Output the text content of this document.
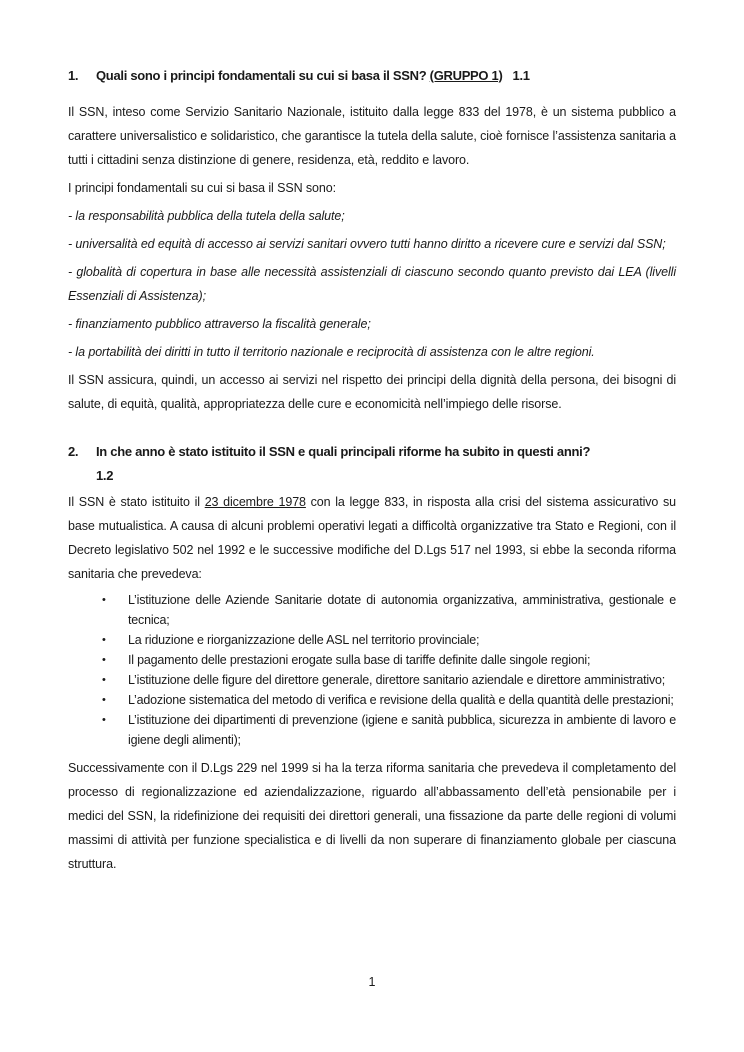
1.	Quali sono i principi fondamentali su cui si basa il SSN? (GRUPPO 1) 1.1

Il SSN, inteso come Servizio Sanitario Nazionale, istituito dalla legge 833 del 1978, è un sistema pubblico a carattere universalistico e solidaristico, che garantisce la tutela della salute, cioè fornisce l’assistenza sanitaria a tutti i cittadini senza distinzione di genere, residenza, età, reddito e lavoro.

I principi fondamentali su cui si basa il SSN sono:

- la responsabilità pubblica della tutela della salute;

- universalità ed equità di accesso ai servizi sanitari ovvero tutti hanno diritto a ricevere cure e servizi dal SSN;

- globalità di copertura in base alle necessità assistenziali di ciascuno secondo quanto previsto dai LEA (livelli Essenziali di Assistenza);

- finanziamento pubblico attraverso la fiscalità generale;

- la portabilità dei diritti in tutto il territorio nazionale e reciprocità di assistenza con le altre regioni.

Il SSN assicura, quindi, un accesso ai servizi nel rispetto dei principi della dignità della persona, dei bisogni di salute, di equità, qualità, appropriatezza delle cure e economicità nell’impiego delle risorse.

2.	In che anno è stato istituito il SSN e quali principali riforme ha subito in questi anni?
1.2

Il SSN è stato istituito il 23 dicembre 1978 con la legge 833, in risposta alla crisi del sistema assicurativo su base mutualistica. A causa di alcuni problemi operativi legati a difficoltà organizzative tra Stato e Regioni, con il Decreto legislativo 502 nel 1992 e le successive modifiche del D.Lgs 517 nel 1993, si ebbe la seconda riforma sanitaria che prevedeva:

• L’istituzione delle Aziende Sanitarie dotate di autonomia organizzativa, amministrativa, gestionale e tecnica;
• La riduzione e riorganizzazione delle ASL nel territorio provinciale;
• Il pagamento delle prestazioni erogate sulla base di tariffe definite dalle singole regioni;
• L’istituzione delle figure del direttore generale, direttore sanitario aziendale e direttore amministrativo;
• L’adozione sistematica del metodo di verifica e revisione della qualità e della quantità delle prestazioni;
• L’istituzione dei dipartimenti di prevenzione (igiene e sanità pubblica, sicurezza in ambiente di lavoro e igiene degli alimenti);

Successivamente con il D.Lgs 229 nel 1999 si ha la terza riforma sanitaria che prevedeva il completamento del processo di regionalizzazione ed aziendalizzazione, riguardo all’abbassamento dell’età pensionabile per i medici del SSN, la ridefinizione dei requisiti dei direttori generali, una fissazione da parte delle regioni di volumi massimi di attività per funzione specialistica e di livelli da non superare di finanziamento globale per ciascuna struttura.

1
